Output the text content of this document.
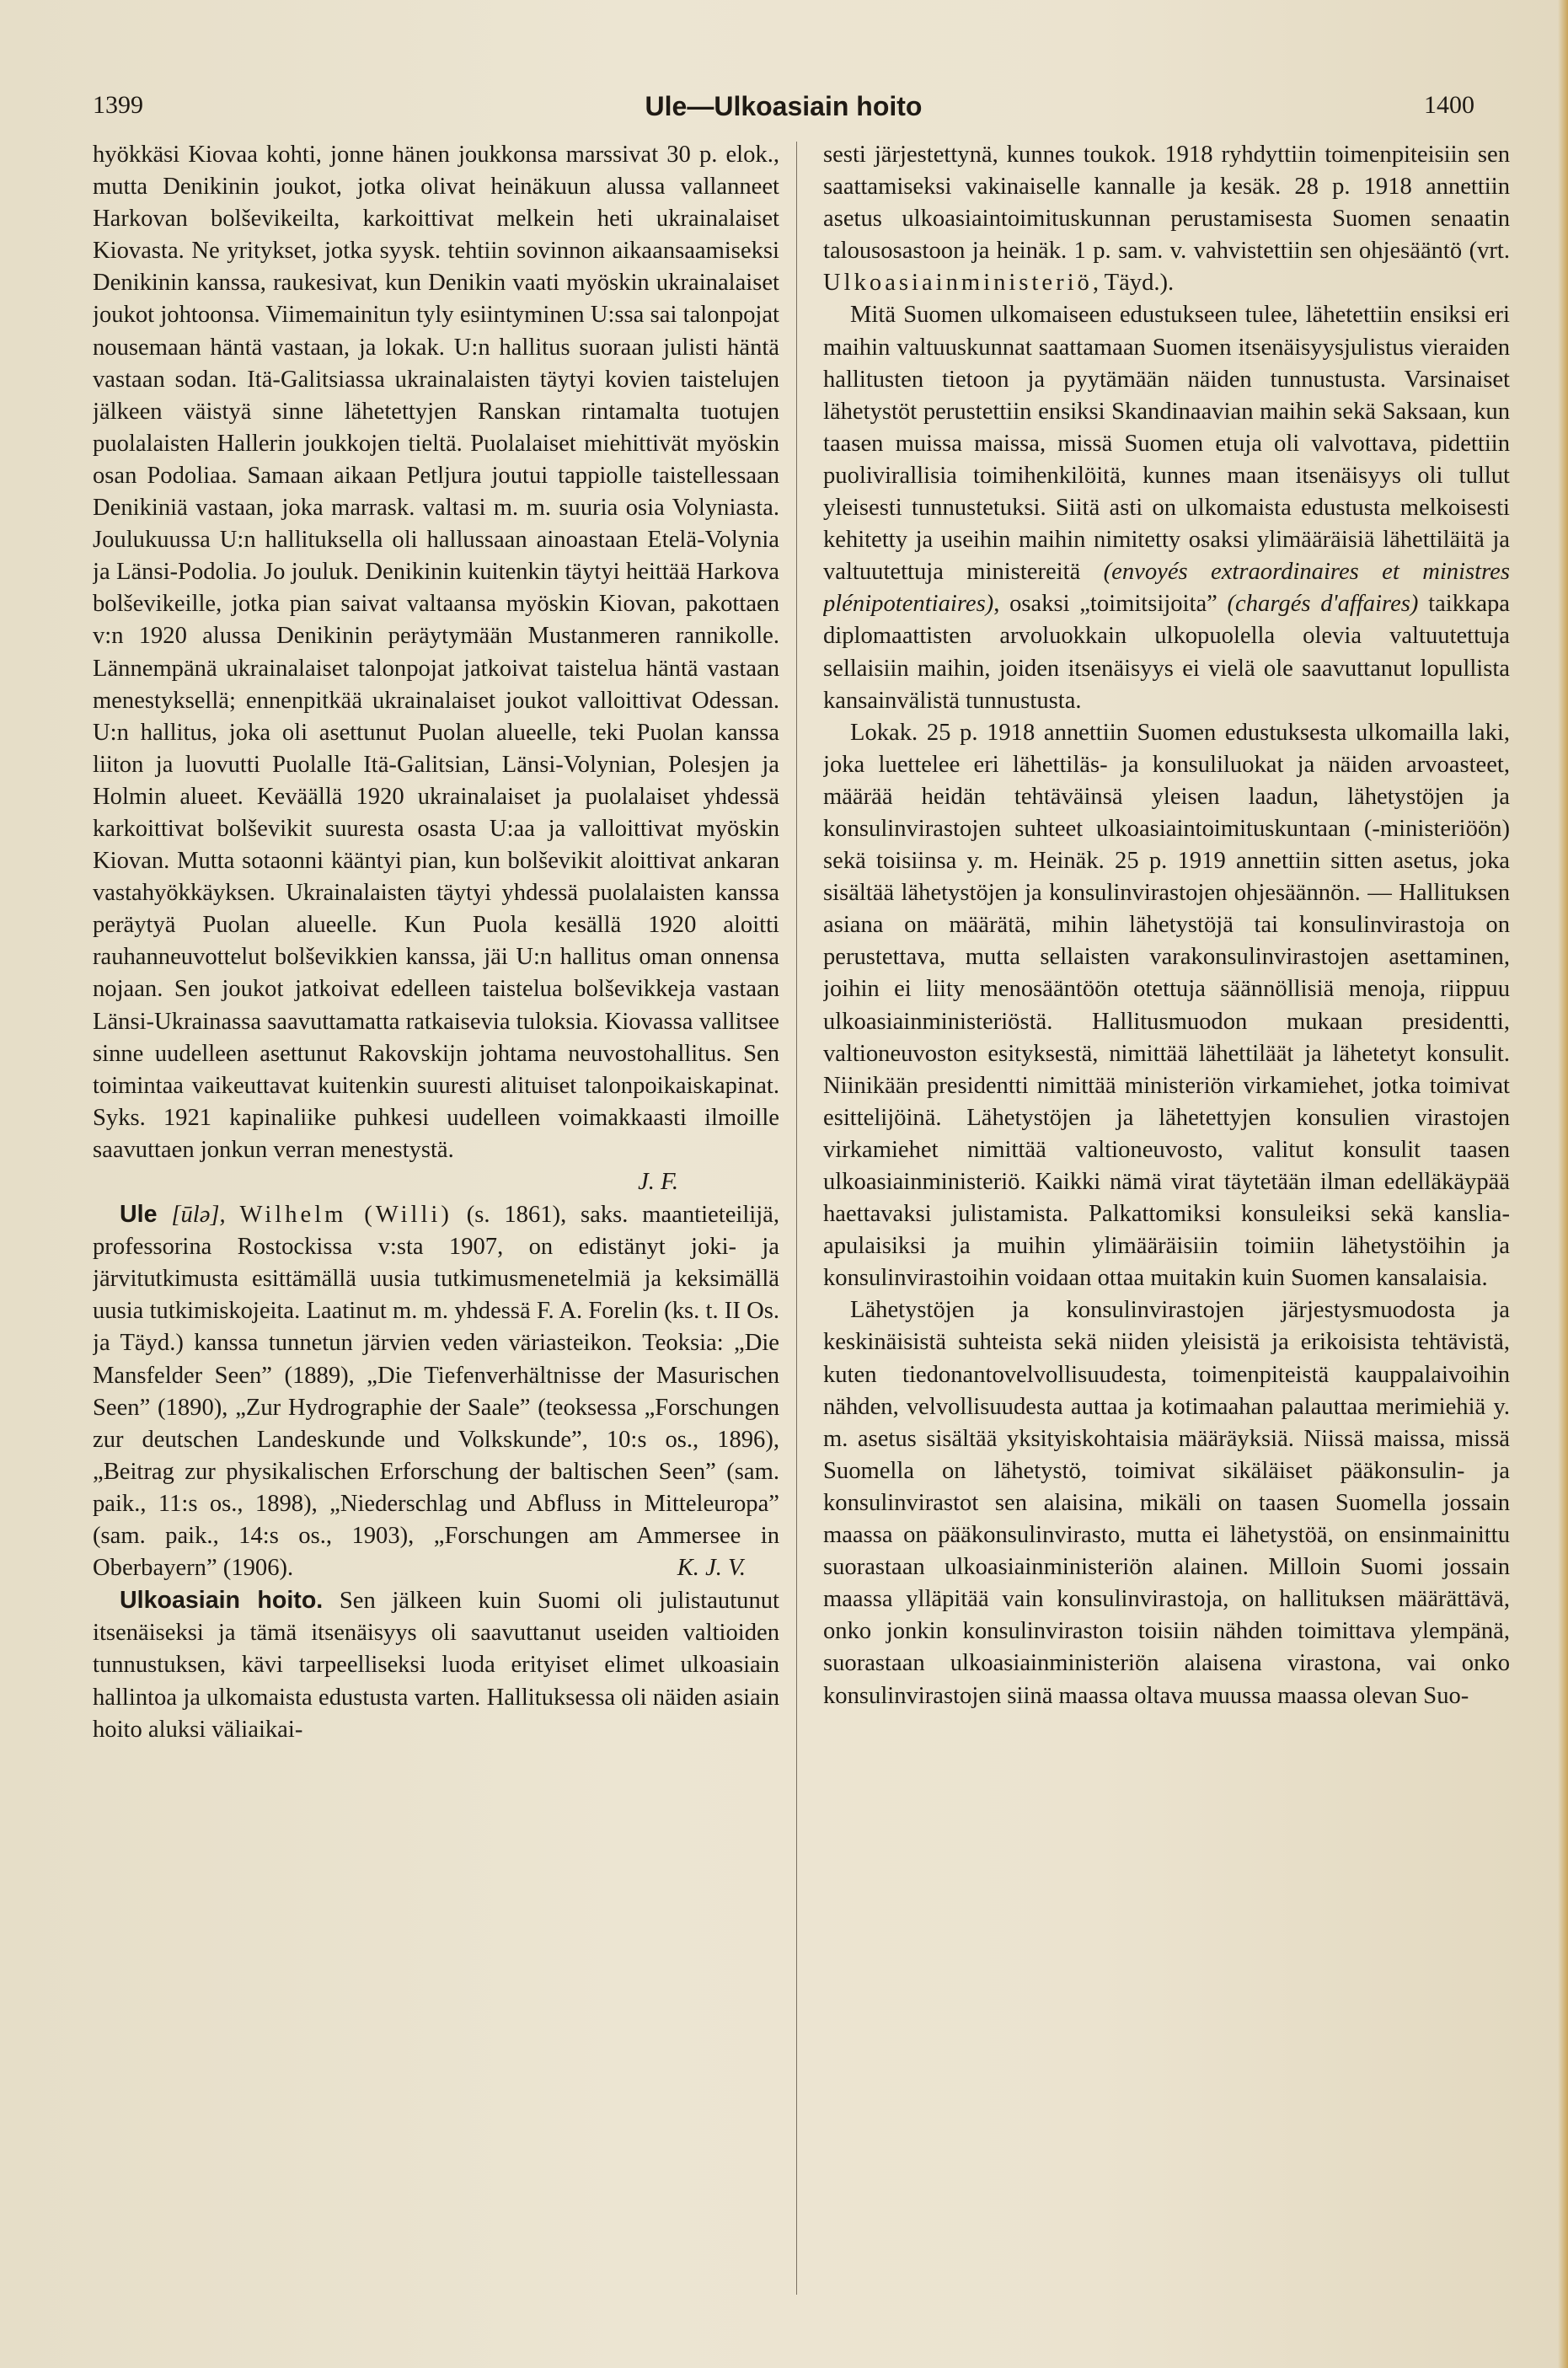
1399	Ule—Ulkoasiain hoito	1400

hyökkäsi Kiovaa kohti, jonne hänen joukkonsa marssivat 30 p. elok., mutta Denikinin joukot, jotka olivat heinäkuun alussa vallanneet Harkovan bolševikeilta, karkoittivat melkein heti ukrainalaiset Kiovasta. Ne yritykset, jotka syysk. tehtiin sovinnon aikaansaamiseksi Denikinin kanssa, raukesivat, kun Denikin vaati myöskin ukrainalaiset joukot johtoonsa. Viimemainitun tyly esiintyminen U:ssa sai talonpojat nousemaan häntä vastaan, ja lokak. U:n hallitus suoraan julisti häntä vastaan sodan. Itä-Galitsiassa ukrainalaisten täytyi kovien taistelujen jälkeen väistyä sinne lähetettyjen Ranskan rintamalta tuotujen puolalaisten Hallerin joukkojen tieltä. Puolalaiset miehittivät myöskin osan Podoliaa. Samaan aikaan Petljura joutui tappiolle taistellessaan Denikiniä vastaan, joka marrask. valtasi m. m. suuria osia Volyniasta. Joulukuussa U:n hallituksella oli hallussaan ainoastaan Etelä-Volynia ja Länsi-Podolia. Jo jouluk. Denikinin kuitenkin täytyi heittää Harkova bolševikeille, jotka pian saivat valtaansa myöskin Kiovan, pakottaen v:n 1920 alussa Denikinin peräytymään Mustanmeren rannikolle. Lännempänä ukrainalaiset talonpojat jatkoivat taistelua häntä vastaan menestyksellä; ennenpitkää ukrainalaiset joukot valloittivat Odessan. U:n hallitus, joka oli asettunut Puolan alueelle, teki Puolan kanssa liiton ja luovutti Puolalle Itä-Galitsian, Länsi-Volynian, Polesjen ja Holmin alueet. Keväällä 1920 ukrainalaiset ja puolalaiset yhdessä karkoittivat bolševikit suuresta osasta U:aa ja valloittivat myöskin Kiovan. Mutta sotaonni kääntyi pian, kun bolševikit aloittivat ankaran vastahyökkäyksen. Ukrainalaisten täytyi yhdessä puolalaisten kanssa peräytyä Puolan alueelle. Kun Puola kesällä 1920 aloitti rauhanneuvottelut bolševikkien kanssa, jäi U:n hallitus oman onnensa nojaan. Sen joukot jatkoivat edelleen taistelua bolševikkeja vastaan Länsi-Ukrainassa saavuttamatta ratkaisevia tuloksia. Kiovassa vallitsee sinne uudelleen asettunut Rakovskijn johtama neuvostohallitus. Sen toimintaa vaikeuttavat kuitenkin suuresti alituiset talonpoikaiskapinat. Syks. 1921 kapinaliike puhkesi uudelleen voimakkaasti ilmoille saavuttaen jonkun verran menestystä.

J. F.

Ule [ūlə], Wilhelm (Willi) (s. 1861), saks. maantieteilijä, professorina Rostockissa v:sta 1907, on edistänyt joki- ja järvitutkimusta esittämällä uusia tutkimusmenetelmiä ja keksimällä uusia tutkimiskojeita. Laatinut m. m. yhdessä F. A. Forelin (ks. t. II Os. ja Täyd.) kanssa tunnetun järvien veden väriasteikon. Teoksia: „Die Mansfelder Seen” (1889), „Die Tiefenverhältnisse der Masurischen Seen” (1890), „Zur Hydrographie der Saale” (teoksessa „Forschungen zur deutschen Landeskunde und Volkskunde”, 10:s os., 1896), „Beitrag zur physikalischen Erforschung der baltischen Seen” (sam. paik., 11:s os., 1898), „Niederschlag und Abfluss in Mitteleuropa” (sam. paik., 14:s os., 1903), „Forschungen am Ammersee in Oberbayern” (1906).	K. J. V.

Ulkoasiain hoito. Sen jälkeen kuin Suomi oli julistautunut itsenäiseksi ja tämä itsenäisyys oli saavuttanut useiden valtioiden tunnustuksen, kävi tarpeelliseksi luoda erityiset elimet ulkoasiain hallintoa ja ulkomaista edustusta varten. Hallituksessa oli näiden asiain hoito aluksi väliaikai-

sesti järjestettynä, kunnes toukok. 1918 ryhdyttiin toimenpiteisiin sen saattamiseksi vakinaiselle kannalle ja kesäk. 28 p. 1918 annettiin asetus ulkoasiaintoimituskunnan perustamisesta Suomen senaatin talousosastoon ja heinäk. 1 p. sam. v. vahvistettiin sen ohjesääntö (vrt. Ulkoasiainministeriö, Täyd.).

Mitä Suomen ulkomaiseen edustukseen tulee, lähetettiin ensiksi eri maihin valtuuskunnat saattamaan Suomen itsenäisyysjulistus vieraiden hallitusten tietoon ja pyytämään näiden tunnustusta. Varsinaiset lähetystöt perustettiin ensiksi Skandinaavian maihin sekä Saksaan, kun taasen muissa maissa, missä Suomen etuja oli valvottava, pidettiin puolivirallisia toimihenkilöitä, kunnes maan itsenäisyys oli tullut yleisesti tunnustetuksi. Siitä asti on ulkomaista edustusta melkoisesti kehitetty ja useihin maihin nimitetty osaksi ylimääräisiä lähettiläitä ja valtuutettuja ministereitä (envoyés extraordinaires et ministres plénipotentiaires), osaksi „toimitsijoita” (chargés d'affaires) taikkapa diplomaattisten arvoluokkain ulkopuolella olevia valtuutettuja sellaisiin maihin, joiden itsenäisyys ei vielä ole saavuttanut lopullista kansainvälistä tunnustusta.

Lokak. 25 p. 1918 annettiin Suomen edustuksesta ulkomailla laki, joka luettelee eri lähettiläs- ja konsuliluokat ja näiden arvoasteet, määrää heidän tehtäväinsä yleisen laadun, lähetystöjen ja konsulinvirastojen suhteet ulkoasiaintoimituskuntaan (-ministeriöön) sekä toisiinsa y. m. Heinäk. 25 p. 1919 annettiin sitten asetus, joka sisältää lähetystöjen ja konsulinvirastojen ohjesäännön. — Hallituksen asiana on määrätä, mihin lähetystöjä tai konsulinvirastoja on perustettava, mutta sellaisten varakonsulinvirastojen asettaminen, joihin ei liity menosääntöön otettuja säännöllisiä menoja, riippuu ulkoasiainministeriöstä. Hallitusmuodon mukaan presidentti, valtioneuvoston esityksestä, nimittää lähettiläät ja lähetetyt konsulit. Niinikään presidentti nimittää ministeriön virkamiehet, jotka toimivat esittelijöinä. Lähetystöjen ja lähetettyjen konsulien virastojen virkamiehet nimittää valtioneuvosto, valitut konsulit taasen ulkoasiainministeriö. Kaikki nämä virat täytetään ilman edelläkäypää haettavaksi julistamista. Palkattomiksi konsuleiksi sekä kanslia-apulaisiksi ja muihin ylimääräisiin toimiin lähetystöihin ja konsulinvirastoihin voidaan ottaa muitakin kuin Suomen kansalaisia.

Lähetystöjen ja konsulinvirastojen järjestysmuodosta ja keskinäisistä suhteista sekä niiden yleisistä ja erikoisista tehtävistä, kuten tiedonantovelvollisuudesta, toimenpiteistä kauppalaivoihin nähden, velvollisuudesta auttaa ja kotimaahan palauttaa merimiehiä y. m. asetus sisältää yksityiskohtaisia määräyksiä. Niissä maissa, missä Suomella on lähetystö, toimivat sikäläiset pääkonsulin- ja konsulinvirastot sen alaisina, mikäli on taasen Suomella jossain maassa on pääkonsulinvirasto, mutta ei lähetystöä, on ensinmainittu suorastaan ulkoasiainministeriön alainen. Milloin Suomi jossain maassa ylläpitää vain konsulinvirastoja, on hallituksen määrättävä, onko jonkin konsulinviraston toisiin nähden toimittava ylempänä, suorastaan ulkoasiainministeriön alaisena virastona, vai onko konsulinvirastojen siinä maassa oltava muussa maassa olevan Suo-
